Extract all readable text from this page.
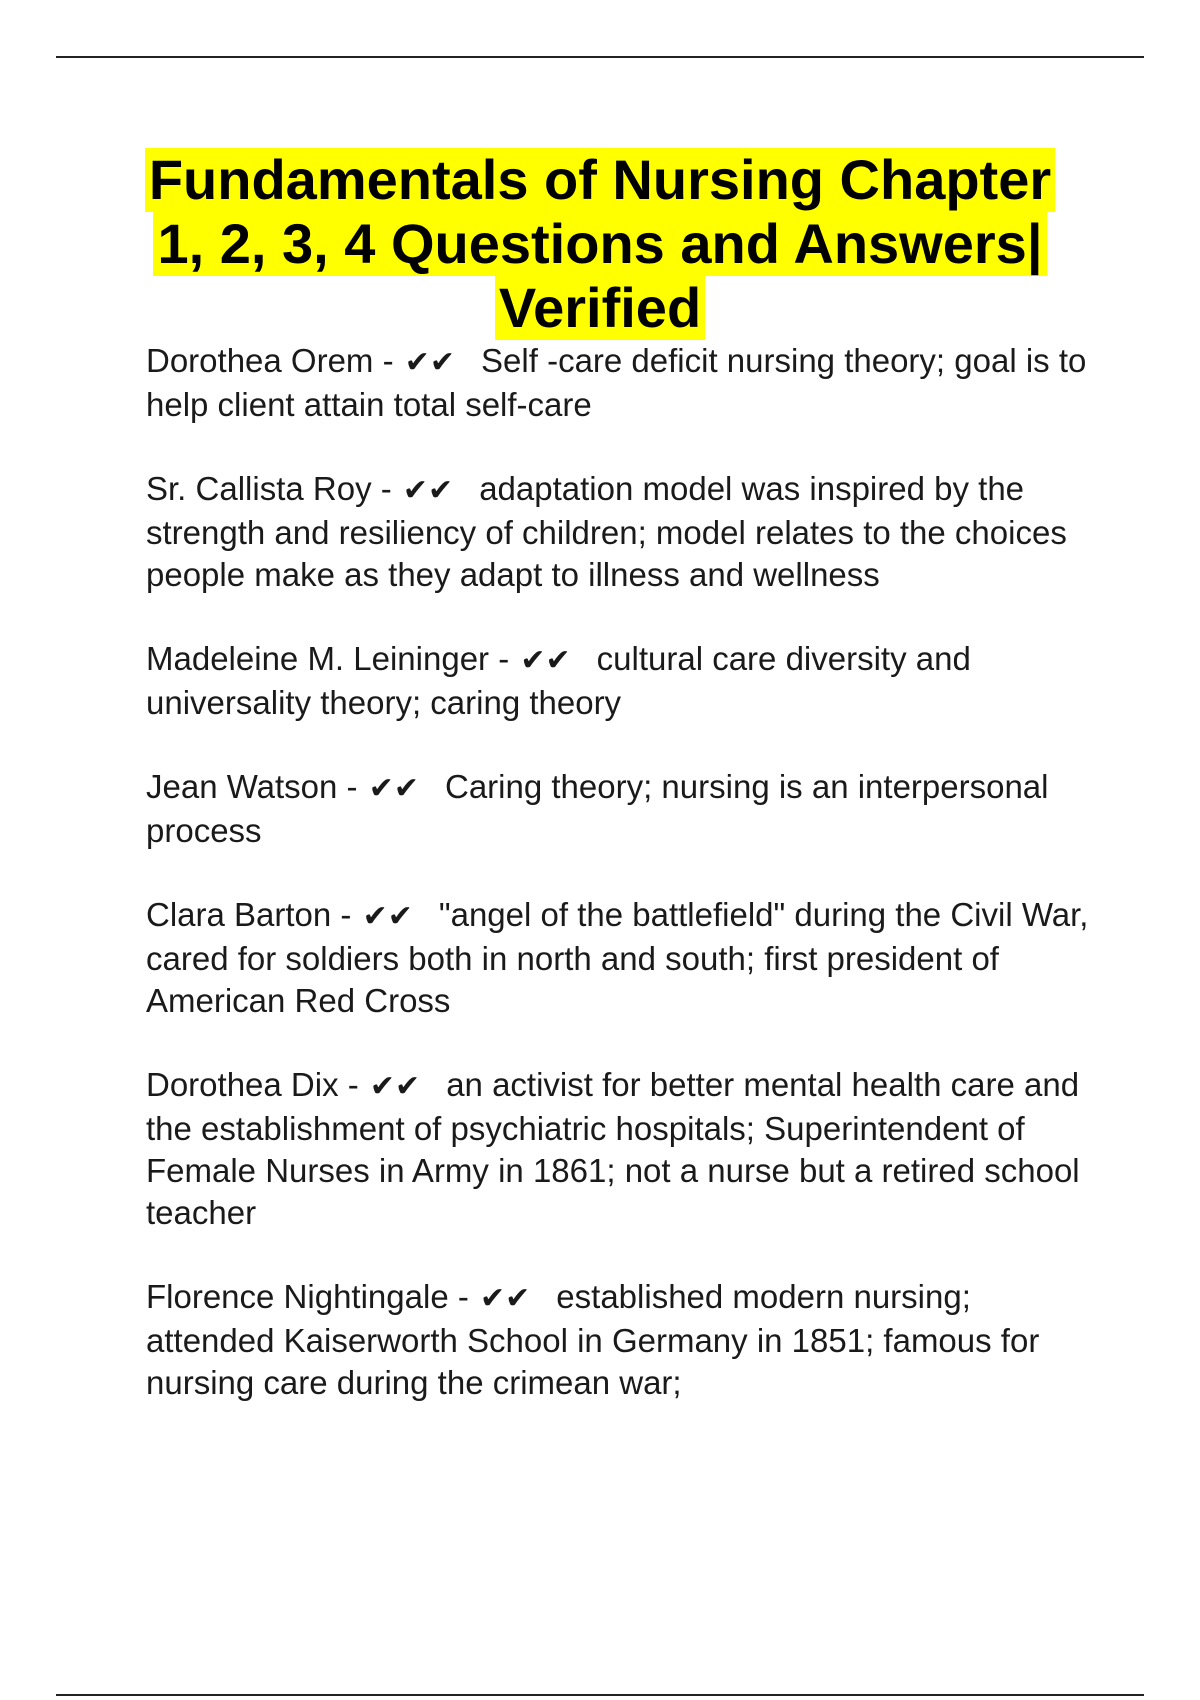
Fundamentals of Nursing Chapter
1, 2, 3, 4 Questions and Answers|
Verified

Dorothea Orem - ✔✔ Self -care deficit nursing theory; goal is to help client attain total self-care

Sr. Callista Roy - ✔✔ adaptation model was inspired by the strength and resiliency of children; model relates to the choices people make as they adapt to illness and wellness

Madeleine M. Leininger - ✔✔ cultural care diversity and universality theory; caring theory

Jean Watson - ✔✔ Caring theory; nursing is an interpersonal process

Clara Barton - ✔✔ "angel of the battlefield" during the Civil War, cared for soldiers both in north and south; first president of American Red Cross

Dorothea Dix - ✔✔ an activist for better mental health care and the establishment of psychiatric hospitals; Superintendent of Female Nurses in Army in 1861; not a nurse but a retired school teacher

Florence Nightingale - ✔✔ established modern nursing; attended Kaiserworth School in Germany in 1851; famous for nursing care during the crimean war;
